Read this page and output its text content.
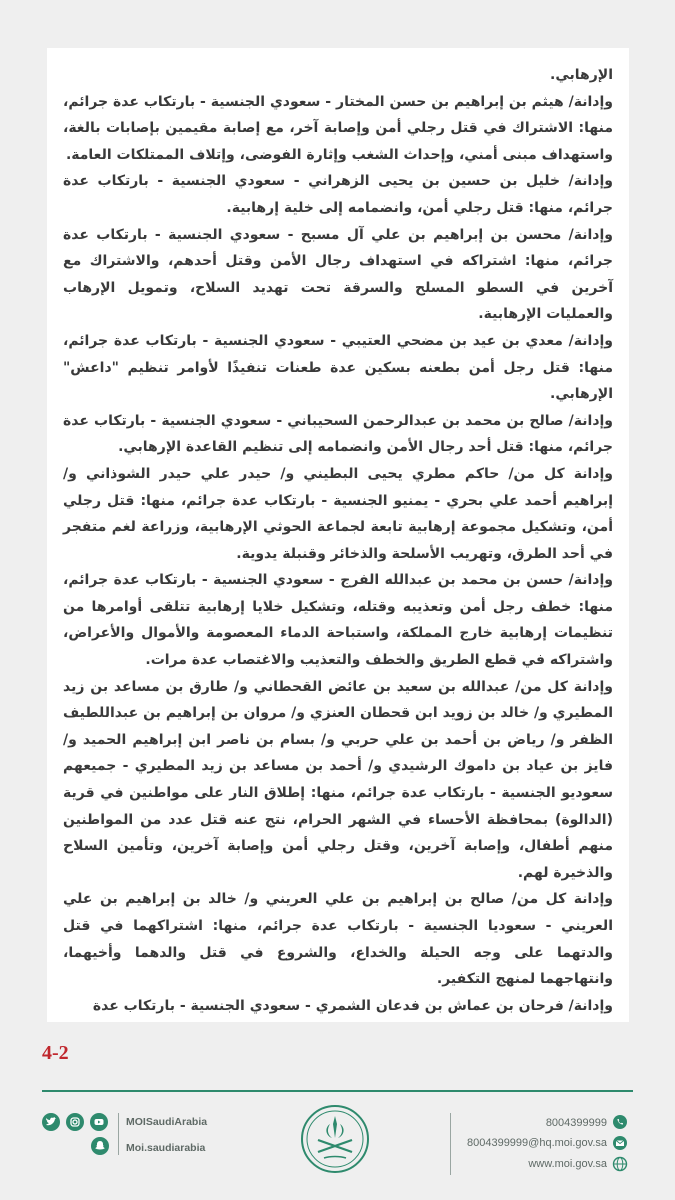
الإرهابي.

وإدانة/ هيثم بن إبراهيم بن حسن المختار - سعودي الجنسية - بارتكاب عدة جرائم، منها: الاشتراك في قتل رجلي أمن وإصابة آخر، مع إصابة مقيمين بإصابات بالغة، واستهداف مبنى أمني، وإحداث الشغب وإثارة الفوضى، وإتلاف الممتلكات العامة.

وإدانة/ خليل بن حسين بن يحيى الزهراني - سعودي الجنسية - بارتكاب عدة جرائم، منها: قتل رجلي أمن، وانضمامه إلى خلية إرهابية.

وإدانة/ محسن بن إبراهيم بن علي آل مسبح - سعودي الجنسية - بارتكاب عدة جرائم، منها: اشتراكه في استهداف رجال الأمن وقتل أحدهم، والاشتراك مع آخرين في السطو المسلح والسرقة تحت تهديد السلاح، وتمويل الإرهاب والعمليات الإرهابية.

وإدانة/ معدي بن عيد بن مضحي العتيبي - سعودي الجنسية - بارتكاب عدة جرائم، منها: قتل رجل أمن بطعنه بسكين عدة طعنات تنفيذًا لأوامر تنظيم "داعش" الإرهابي.

وإدانة/ صالح بن محمد بن عبدالرحمن السحيباني - سعودي الجنسية - بارتكاب عدة جرائم، منها: قتل أحد رجال الأمن وانضمامه إلى تنظيم القاعدة الإرهابي.

وإدانة كل من/ حاكم مطري يحيى البطيني و/ حيدر علي حيدر الشوذاني و/ إبراهيم أحمد علي بحري - يمنيو الجنسية - بارتكاب عدة جرائم، منها: قتل رجلي أمن، وتشكيل مجموعة إرهابية تابعة لجماعة الحوثي الإرهابية، وزراعة لغم متفجر في أحد الطرق، وتهريب الأسلحة والذخائر وقنبلة يدوية.

وإدانة/ حسن بن محمد بن عبدالله الفرج - سعودي الجنسية - بارتكاب عدة جرائم، منها: خطف رجل أمن وتعذيبه وقتله، وتشكيل خلايا إرهابية تتلقى أوامرها من تنظيمات إرهابية خارج المملكة، واستباحة الدماء المعصومة والأموال والأعراض، واشتراكه في قطع الطريق والخطف والتعذيب والاغتصاب عدة مرات.

وإدانة كل من/ عبدالله بن سعيد بن عائض القحطاني و/ طارق بن مساعد بن زيد المطيري و/ خالد بن زويد ابن قحطان العنزي و/ مروان بن إبراهيم بن عبداللطيف الظفر و/ رياض بن أحمد بن علي حربي و/ بسام بن ناصر ابن إبراهيم الحميد و/ فايز بن عياد بن داموك الرشيدي و/ أحمد بن مساعد بن زيد المطيري - جميعهم سعوديو الجنسية - بارتكاب عدة جرائم، منها: إطلاق النار على مواطنين في قرية (الدالوة) بمحافظة الأحساء في الشهر الحرام، نتج عنه قتل عدد من المواطنين منهم أطفال، وإصابة آخرين، وقتل رجلي أمن وإصابة آخرين، وتأمين السلاح والذخيرة لهم.

وإدانة كل من/ صالح بن إبراهيم بن علي العريني و/ خالد بن إبراهيم بن علي العريني - سعوديا الجنسية - بارتكاب عدة جرائم، منها: اشتراكهما في قتل والدتهما على وجه الحيلة والخداع، والشروع في قتل والدهما وأخيهما، وانتهاجهما لمنهج التكفير.

وإدانة/ فرحان بن عماش بن فدعان الشمري - سعودي الجنسية - بارتكاب عدة

4-2
MOISaudiArabia
Moi.saudiarabia
8004399999
8004399999@hq.moi.gov.sa
www.moi.gov.sa
